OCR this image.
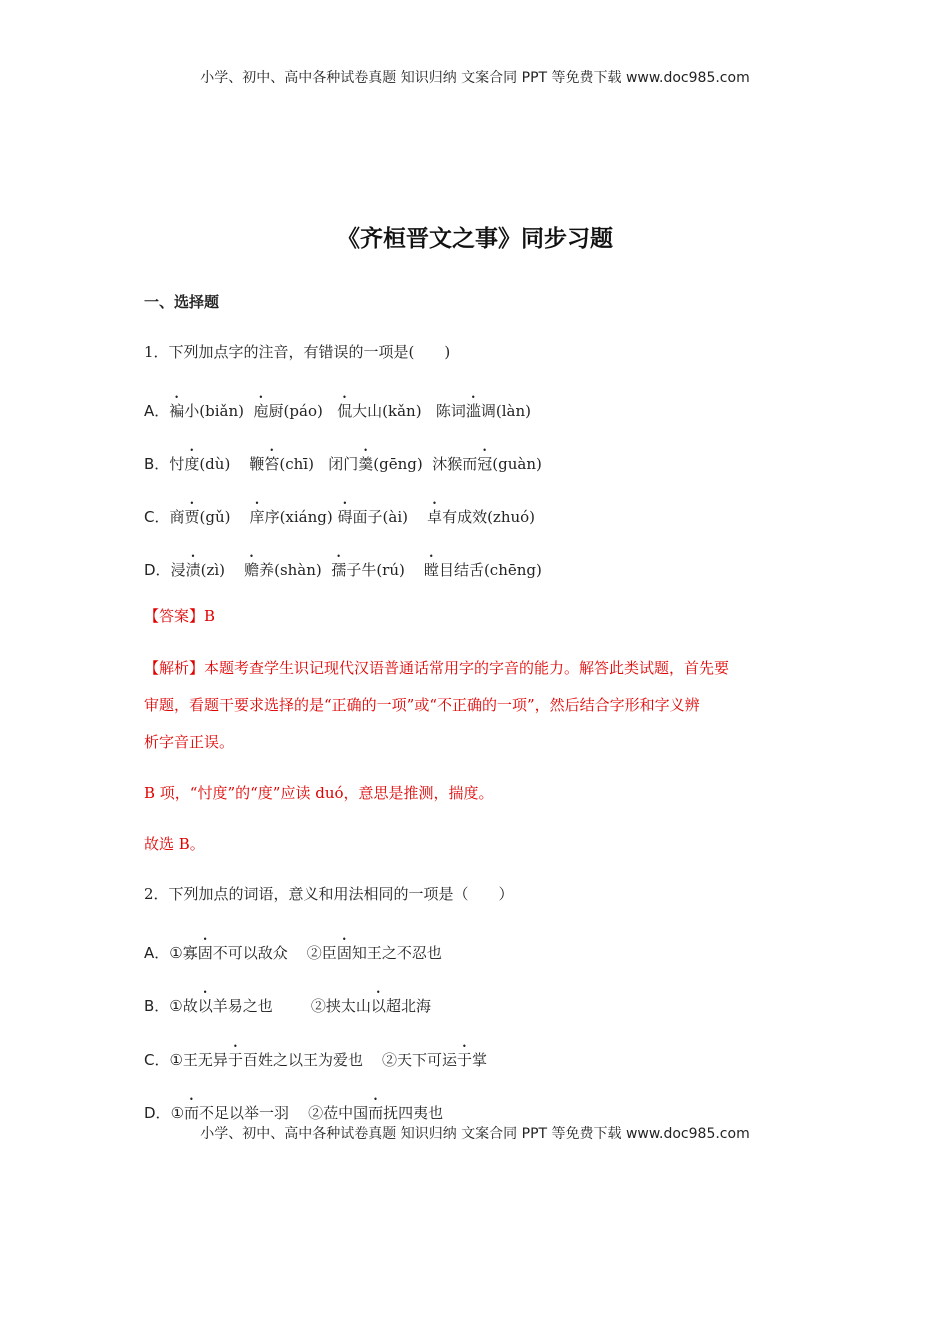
小学、初中、高中各种试卷真题 知识归纳 文案合同 PPT 等免费下载 www.doc985.com
《齐桓晋文之事》同步习题
一、选择题
1．下列加点字的注音，有错误的一项是(　　)
A．褊小(biǎn)  庖厨(páo)   侃大山(kǎn)   陈词滥调(làn)
B．忖度(dù)    鞭笞(chī)   闭门羹(gēng)  沐猴而冠(guàn)
C．商贾(gǔ)    庠序(xiáng) 碍面子(ài)    卓有成效(zhuó)
D．浸渍(zì)    赡养(shàn)  孺子牛(rú)    瞠目结舌(chēng)
【答案】B
【解析】本题考查学生识记现代汉语普通话常用字的字音的能力。解答此类试题，首先要
审题，看题干要求选择的是“正确的一项”或“不正确的一项”，然后结合字形和字义辨
析字音正误。
B 项，“忖度”的“度”应读 duó，意思是推测，揣度。
故选 B。
2．下列加点的词语，意义和用法相同的一项是（　　）
A．①寡固不可以敌众    ②臣固知王之不忍也
B．①故以羊易之也        ②挟太山以超北海
C．①王无异于百姓之以王为爱也    ②天下可运于掌
D．①而不足以举一羽    ②莅中国而抚四夷也
小学、初中、高中各种试卷真题 知识归纳 文案合同 PPT 等免费下载 www.doc985.com
